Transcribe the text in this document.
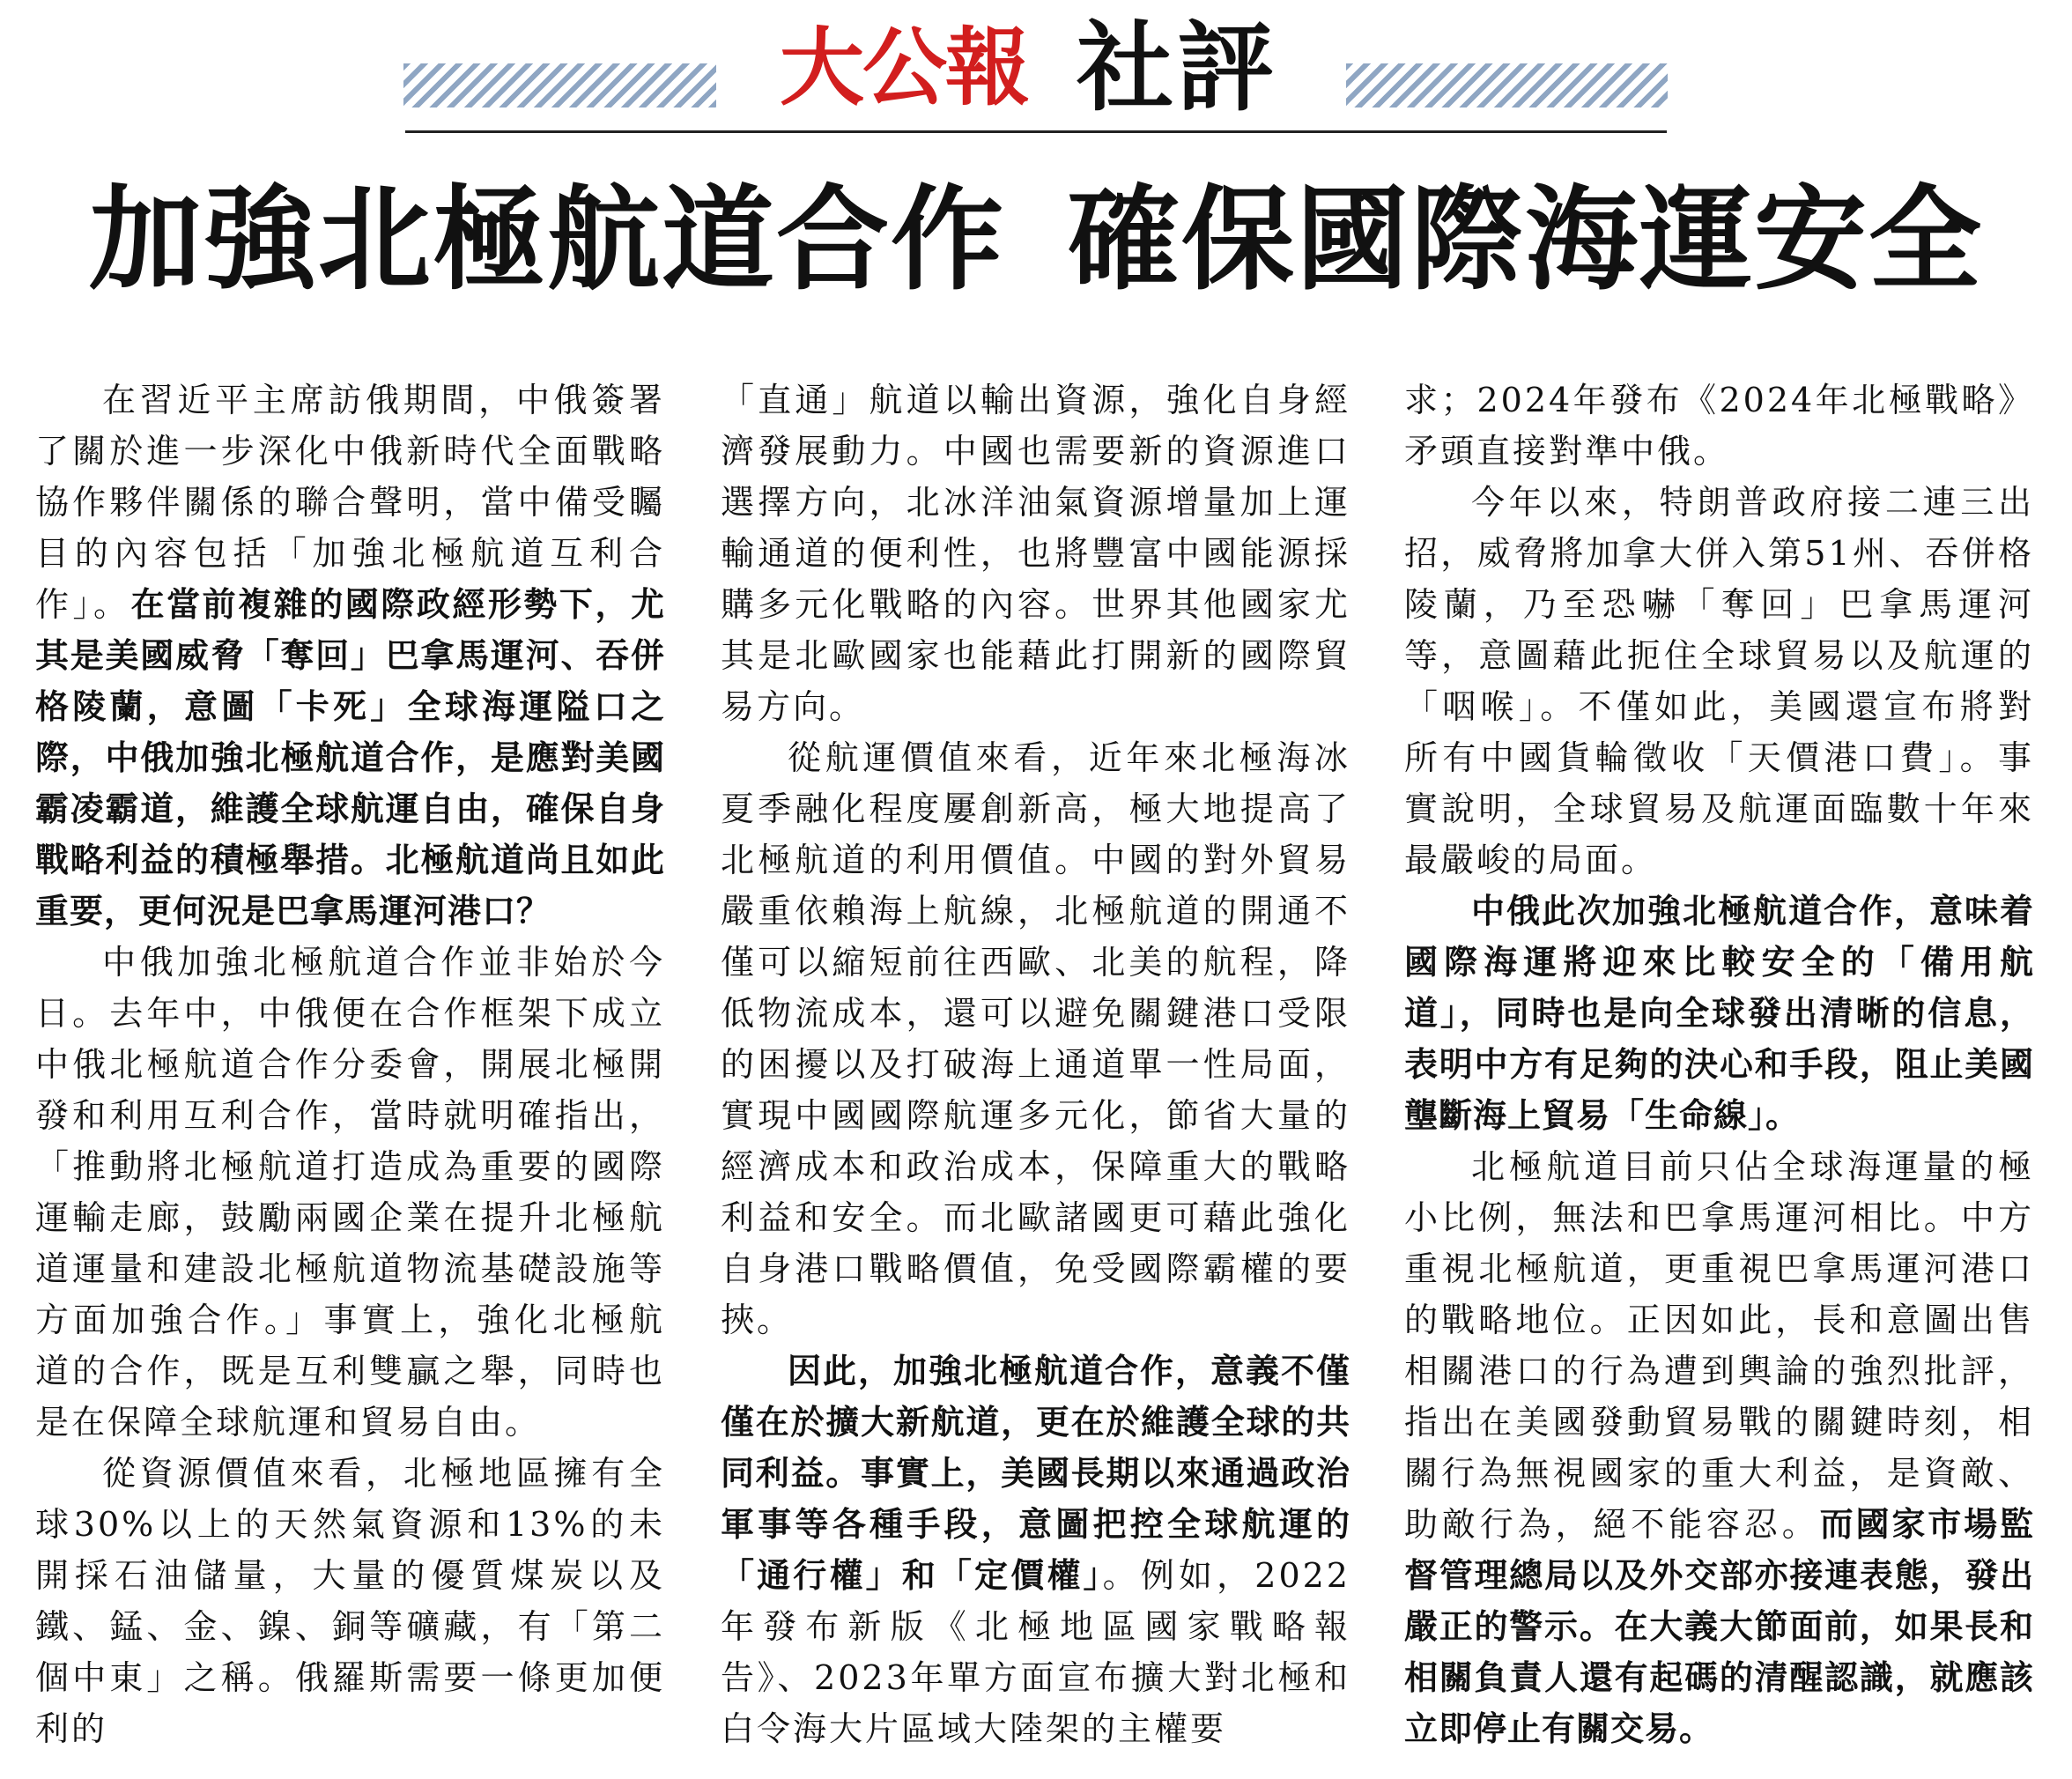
大公報 社評
加強北極航道合作 確保國際海運安全

在習近平主席訪俄期間，中俄簽署了關於進一步深化中俄新時代全面戰略協作夥伴關係的聯合聲明，當中備受矚目的內容包括「加強北極航道互利合作」。在當前複雜的國際政經形勢下，尤其是美國威脅「奪回」巴拿馬運河、吞併格陵蘭，意圖「卡死」全球海運隘口之際，中俄加強北極航道合作，是應對美國霸凌霸道，維護全球航運自由，確保自身戰略利益的積極舉措。北極航道尚且如此重要，更何況是巴拿馬運河港口？

中俄加強北極航道合作並非始於今日。去年中，中俄便在合作框架下成立中俄北極航道合作分委會，開展北極開發和利用互利合作，當時就明確指出，「推動將北極航道打造成為重要的國際運輸走廊，鼓勵兩國企業在提升北極航道運量和建設北極航道物流基礎設施等方面加強合作。」事實上，強化北極航道的合作，既是互利雙贏之舉，同時也是在保障全球航運和貿易自由。

從資源價值來看，北極地區擁有全球30%以上的天然氣資源和13%的未開採石油儲量，大量的優質煤炭以及鐵、錳、金、鎳、銅等礦藏，有「第二個中東」之稱。俄羅斯需要一條更加便利的

「直通」航道以輸出資源，強化自身經濟發展動力。中國也需要新的資源進口選擇方向，北冰洋油氣資源增量加上運輸通道的便利性，也將豐富中國能源採購多元化戰略的內容。世界其他國家尤其是北歐國家也能藉此打開新的國際貿易方向。

從航運價值來看，近年來北極海冰夏季融化程度屢創新高，極大地提高了北極航道的利用價值。中國的對外貿易嚴重依賴海上航線，北極航道的開通不僅可以縮短前往西歐、北美的航程，降低物流成本，還可以避免關鍵港口受限的困擾以及打破海上通道單一性局面，實現中國國際航運多元化，節省大量的經濟成本和政治成本，保障重大的戰略利益和安全。而北歐諸國更可藉此強化自身港口戰略價值，免受國際霸權的要挾。

因此，加強北極航道合作，意義不僅僅在於擴大新航道，更在於維護全球的共同利益。事實上，美國長期以來通過政治軍事等各種手段，意圖把控全球航運的「通行權」和「定價權」。例如，2022年發布新版《北極地區國家戰略報告》、2023年單方面宣布擴大對北極和白令海大片區域大陸架的主權要

求；2024年發布《2024年北極戰略》矛頭直接對準中俄。

今年以來，特朗普政府接二連三出招，威脅將加拿大併入第51州、吞併格陵蘭，乃至恐嚇「奪回」巴拿馬運河等，意圖藉此扼住全球貿易以及航運的「咽喉」。不僅如此，美國還宣布將對所有中國貨輪徵收「天價港口費」。事實說明，全球貿易及航運面臨數十年來最嚴峻的局面。

中俄此次加強北極航道合作，意味着國際海運將迎來比較安全的「備用航道」，同時也是向全球發出清晰的信息，表明中方有足夠的決心和手段，阻止美國壟斷海上貿易「生命線」。

北極航道目前只佔全球海運量的極小比例，無法和巴拿馬運河相比。中方重視北極航道，更重視巴拿馬運河港口的戰略地位。正因如此，長和意圖出售相關港口的行為遭到輿論的強烈批評，指出在美國發動貿易戰的關鍵時刻，相關行為無視國家的重大利益，是資敵、助敵行為，絕不能容忍。而國家市場監督管理總局以及外交部亦接連表態，發出嚴正的警示。在大義大節面前，如果長和相關負責人還有起碼的清醒認識，就應該立即停止有關交易。
